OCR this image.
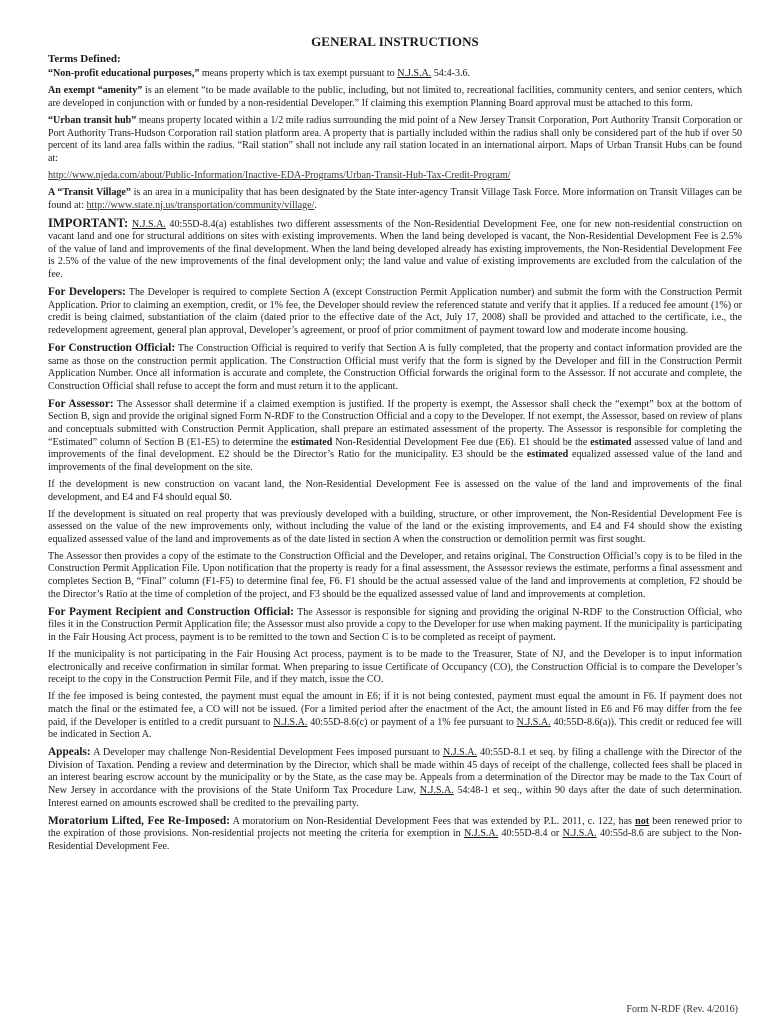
GENERAL INSTRUCTIONS
Terms Defined:

“Non-profit educational purposes,” means property which is tax exempt pursuant to N.J.S.A. 54:4-3.6.

An exempt “amenity” is an element “to be made available to the public, including, but not limited to, recreational facilities, community centers, and senior centers, which are developed in conjunction with or funded by a non-residential Developer.” If claiming this exemption Planning Board approval must be attached to this form.

“Urban transit hub” means property located within a 1/2 mile radius surrounding the mid point of a New Jersey Transit Corporation, Port Authority Transit Corporation or Port Authority Trans-Hudson Corporation rail station platform area. A property that is partially included within the radius shall only be considered part of the hub if over 50 percent of its land area falls within the radius. “Rail station” shall not include any rail station located in an international airport. Maps of Urban Transit Hubs can be found at:

http://www.njeda.com/about/Public-Information/Inactive-EDA-Programs/Urban-Transit-Hub-Tax-Credit-Program/

A “Transit Village” is an area in a municipality that has been designated by the State inter-agency Transit Village Task Force. More information on Transit Villages can be found at: http://www.state.nj.us/transportation/community/village/.

IMPORTANT: N.J.S.A. 40:55D-8.4(a) establishes two different assessments of the Non-Residential Development Fee, one for new non-residential construction on vacant land and one for structural additions on sites with existing improvements. When the land being developed is vacant, the Non-Residential Development Fee is 2.5% of the value of land and improvements of the final development. When the land being developed already has existing improvements, the Non-Residential Development Fee is 2.5% of the value of the new improvements of the final development only; the land value and value of existing improvements are excluded from the calculation of the fee.

For Developers: The Developer is required to complete Section A (except Construction Permit Application number) and submit the form with the Construction Permit Application. Prior to claiming an exemption, credit, or 1% fee, the Developer should review the referenced statute and verify that it applies. If a reduced fee amount (1%) or credit is being claimed, substantiation of the claim (dated prior to the effective date of the Act, July 17, 2008) shall be provided and attached to the certificate, i.e., the redevelopment agreement, general plan approval, Developer’s agreement, or proof of prior commitment of payment toward low and moderate income housing.

For Construction Official: The Construction Official is required to verify that Section A is fully completed, that the property and contact information provided are the same as those on the construction permit application. The Construction Official must verify that the form is signed by the Developer and fill in the Construction Permit Application Number. Once all information is accurate and complete, the Construction Official forwards the original form to the Assessor. If not accurate and complete, the Construction Official shall refuse to accept the form and must return it to the applicant.

For Assessor: The Assessor shall determine if a claimed exemption is justified. If the property is exempt, the Assessor shall check the “exempt” box at the bottom of Section B, sign and provide the original signed Form N-RDF to the Construction Official and a copy to the Developer. If not exempt, the Assessor, based on review of plans and conceptuals submitted with Construction Permit Application, shall prepare an estimated assessment of the property. The Assessor is responsible for completing the “Estimated” column of Section B (E1-E5) to determine the estimated Non-Residential Development Fee due (E6). E1 should be the estimated assessed value of land and improvements of the final development. E2 should be the Director’s Ratio for the municipality. E3 should be the estimated equalized assessed value of the land and improvements of the final development on the site.

If the development is new construction on vacant land, the Non-Residential Development Fee is assessed on the value of the land and improvements of the final development, and E4 and F4 should equal $0.

If the development is situated on real property that was previously developed with a building, structure, or other improvement, the Non-Residential Development Fee is assessed on the value of the new improvements only, without including the value of the land or the existing improvements, and E4 and F4 should show the existing equalized assessed value of the land and improvements as of the date listed in section A when the construction or demolition permit was first sought.

The Assessor then provides a copy of the estimate to the Construction Official and the Developer, and retains original. The Construction Official’s copy is to be filed in the Construction Permit Application File. Upon notification that the property is ready for a final assessment, the Assessor reviews the estimate, performs a final assessment and completes Section B, “Final” column (F1-F5) to determine final fee, F6. F1 should be the actual assessed value of the land and improvements at completion, F2 should be the Director’s Ratio at the time of completion of the project, and F3 should be the equalized assessed value of land and improvements at completion.

For Payment Recipient and Construction Official: The Assessor is responsible for signing and providing the original N-RDF to the Construction Official, who files it in the Construction Permit Application file; the Assessor must also provide a copy to the Developer for use when making payment. If the municipality is participating in the Fair Housing Act process, payment is to be remitted to the town and Section C is to be completed as receipt of payment.

If the municipality is not participating in the Fair Housing Act process, payment is to be made to the Treasurer, State of NJ, and the Developer is to input information electronically and receive confirmation in similar format. When preparing to issue Certificate of Occupancy (CO), the Construction Official is to compare the Developer’s receipt to the copy in the Construction Permit File, and if they match, issue the CO.

If the fee imposed is being contested, the payment must equal the amount in E6; if it is not being contested, payment must equal the amount in F6. If payment does not match the final or the estimated fee, a CO will not be issued. (For a limited period after the enactment of the Act, the amount listed in E6 and F6 may differ from the fee paid, if the Developer is entitled to a credit pursuant to N.J.S.A. 40:55D-8.6(c) or payment of a 1% fee pursuant to N.J.S.A. 40:55D-8.6(a)). This credit or reduced fee will be indicated in Section A.

Appeals: A Developer may challenge Non-Residential Development Fees imposed pursuant to N.J.S.A. 40:55D-8.1 et seq. by filing a challenge with the Director of the Division of Taxation. Pending a review and determination by the Director, which shall be made within 45 days of receipt of the challenge, collected fees shall be placed in an interest bearing escrow account by the municipality or by the State, as the case may be. Appeals from a determination of the Director may be made to the Tax Court of New Jersey in accordance with the provisions of the State Uniform Tax Procedure Law, N.J.S.A. 54:48-1 et seq., within 90 days after the date of such determination. Interest earned on amounts escrowed shall be credited to the prevailing party.

Moratorium Lifted, Fee Re-Imposed: A moratorium on Non-Residential Development Fees that was extended by P.L. 2011, c. 122, has not been renewed prior to the expiration of those provisions. Non-residential projects not meeting the criteria for exemption in N.J.S.A. 40:55D-8.4 or N.J.S.A. 40:55d-8.6 are subject to the Non-Residential Development Fee.

Form N-RDF (Rev. 4/2016)
